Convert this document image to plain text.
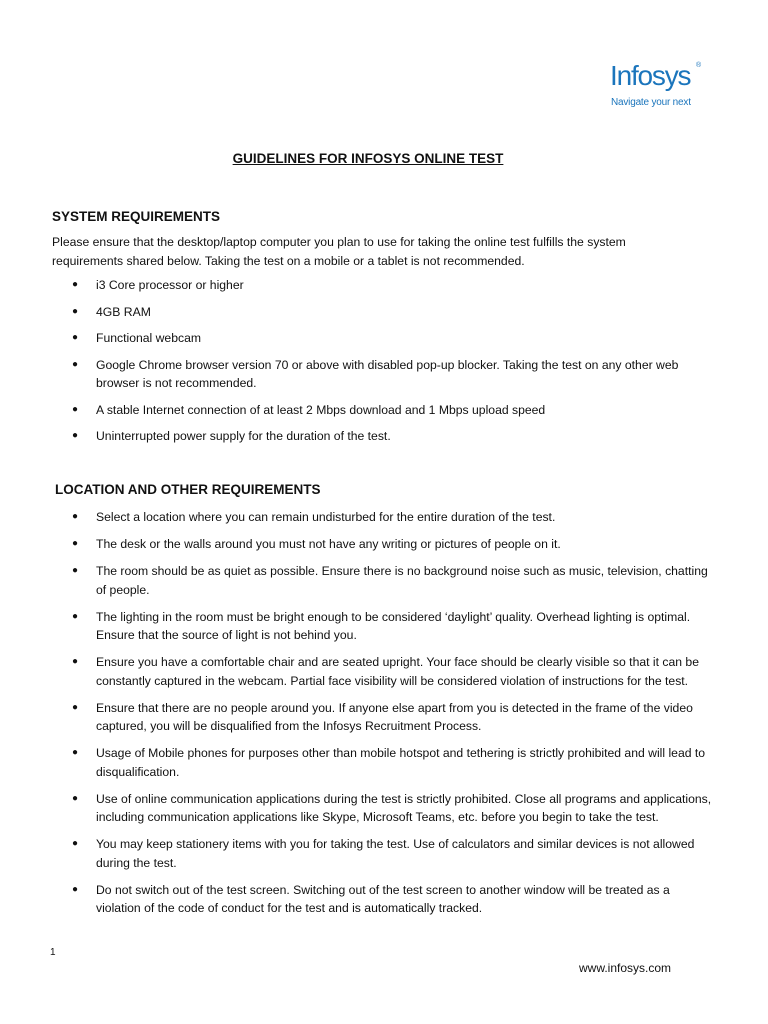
Infosys ®
Navigate your next
GUIDELINES FOR INFOSYS ONLINE TEST
SYSTEM REQUIREMENTS

Please ensure that the desktop/laptop computer you plan to use for taking the online test fulfills the system requirements shared below. Taking the test on a mobile or a tablet is not recommended.

● i3 Core processor or higher
● 4GB RAM
● Functional webcam
● Google Chrome browser version 70 or above with disabled pop-up blocker. Taking the test on any other web browser is not recommended.
● A stable Internet connection of at least 2 Mbps download and 1 Mbps upload speed
● Uninterrupted power supply for the duration of the test.
LOCATION AND OTHER REQUIREMENTS
● Select a location where you can remain undisturbed for the entire duration of the test.
● The desk or the walls around you must not have any writing or pictures of people on it.
● The room should be as quiet as possible. Ensure there is no background noise such as music, television, chatting of people.
● The lighting in the room must be bright enough to be considered ‘daylight’ quality. Overhead lighting is optimal. Ensure that the source of light is not behind you.
● Ensure you have a comfortable chair and are seated upright. Your face should be clearly visible so that it can be constantly captured in the webcam. Partial face visibility will be considered violation of instructions for the test.
● Ensure that there are no people around you. If anyone else apart from you is detected in the frame of the video captured, you will be disqualified from the Infosys Recruitment Process.
● Usage of Mobile phones for purposes other than mobile hotspot and tethering is strictly prohibited and will lead to disqualification.
● Use of online communication applications during the test is strictly prohibited. Close all programs and applications, including communication applications like Skype, Microsoft Teams, etc. before you begin to take the test.
● You may keep stationery items with you for taking the test. Use of calculators and similar devices is not allowed during the test.
● Do not switch out of the test screen. Switching out of the test screen to another window will be treated as a violation of the code of conduct for the test and is automatically tracked.
1
www.infosys.com
